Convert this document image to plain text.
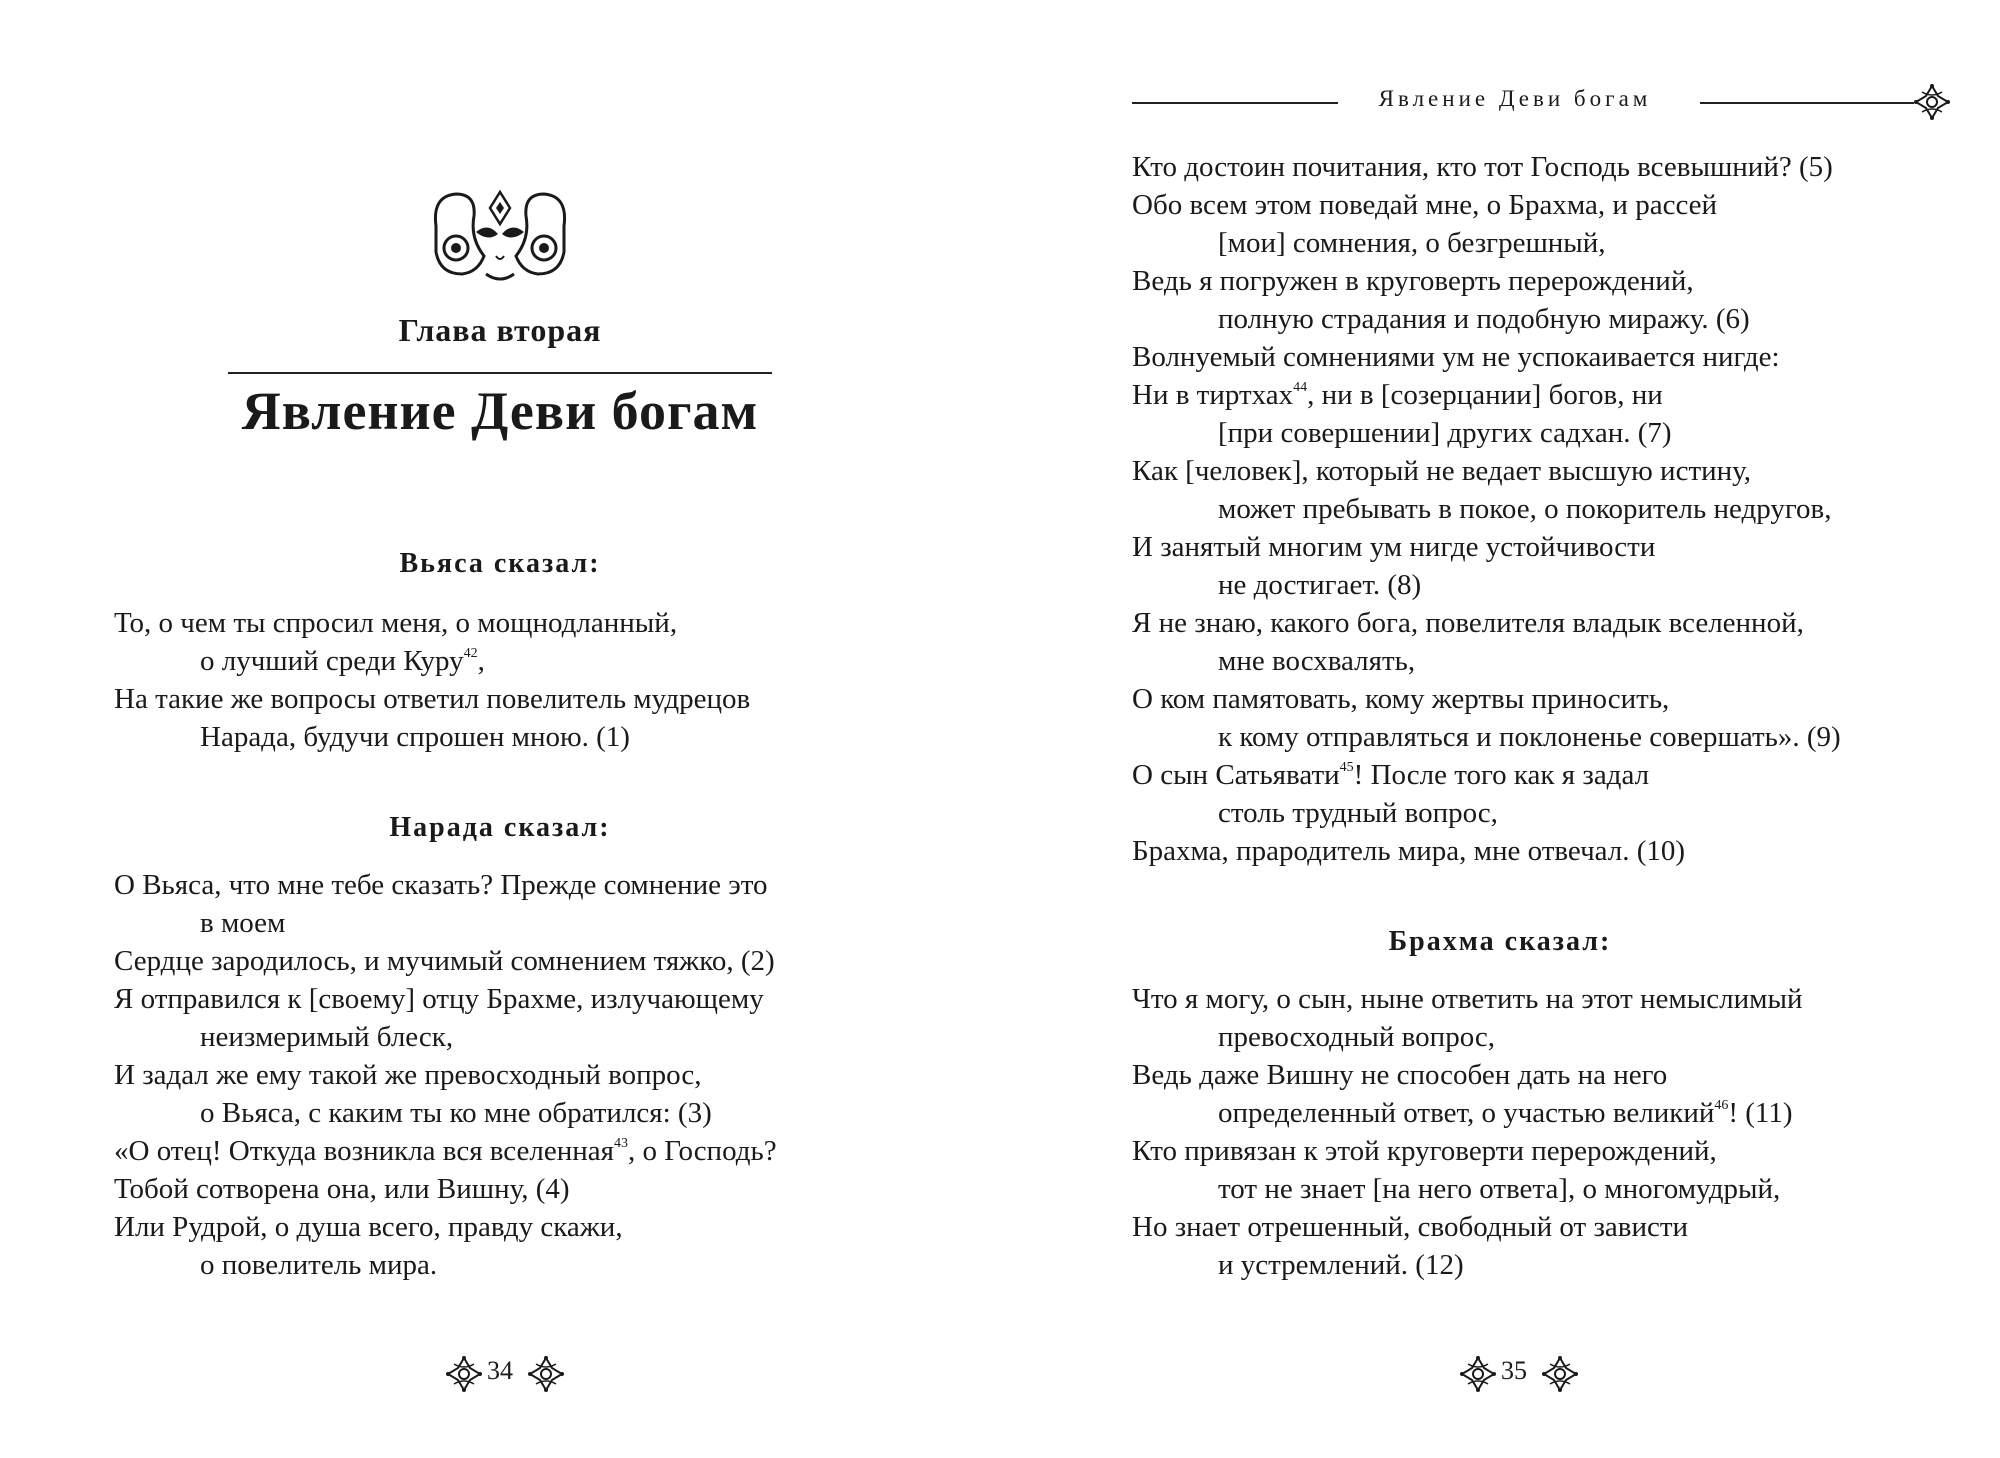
Глава вторая
Явление Деви богам
Вьяса сказал:
То, о чем ты спросил меня, о мощнодланный,
о лучший среди Куру$^{42}$,
На такие же вопросы ответил повелитель мудрецов
Нарада, будучи спрошен мною. (1)
Нарада сказал:
О Вьяса, что мне тебе сказать? Прежде сомнение это
в моем
Сердце зародилось, и мучимый сомнением тяжко, (2)
Я отправился к [своему] отцу Брахме, излучающему
неизмеримый блеск,
И задал же ему такой же превосходный вопрос,
о Вьяса, с каким ты ко мне обратился: (3)
«О отец! Откуда возникла вся вселенная$^{43}$, о Господь?
Тобой сотворена она, или Вишну, (4)
Или Рудрой, о душа всего, правду скажи,
о повелитель мира.
34
Явление Деви богам
Кто достоин почитания, кто тот Господь всевышний? (5)
Обо всем этом поведай мне, о Брахма, и рассей
[мои] сомнения, о безгрешный,
Ведь я погружен в круговерть перерождений,
полную страдания и подобную миражу. (6)
Волнуемый сомнениями ум не успокаивается нигде:
Ни в тиртхах$^{44}$, ни в [созерцании] богов, ни
[при совершении] других садхан. (7)
Как [человек], который не ведает высшую истину,
может пребывать в покое, о покоритель недругов,
И занятый многим ум нигде устойчивости
не достигает. (8)
Я не знаю, какого бога, повелителя владык вселенной,
мне восхвалять,
О ком памятовать, кому жертвы приносить,
к кому отправляться и поклоненье совершать». (9)
О сын Сатьявати$^{45}$! После того как я задал
столь трудный вопрос,
Брахма, прародитель мира, мне отвечал. (10)
Брахма сказал:
Что я могу, о сын, ныне ответить на этот немыслимый
превосходный вопрос,
Ведь даже Вишну не способен дать на него
определенный ответ, о участью великий$^{46}$! (11)
Кто привязан к этой круговерти перерождений,
тот не знает [на него ответа], о многомудрый,
Но знает отрешенный, свободный от зависти
и устремлений. (12)
35
